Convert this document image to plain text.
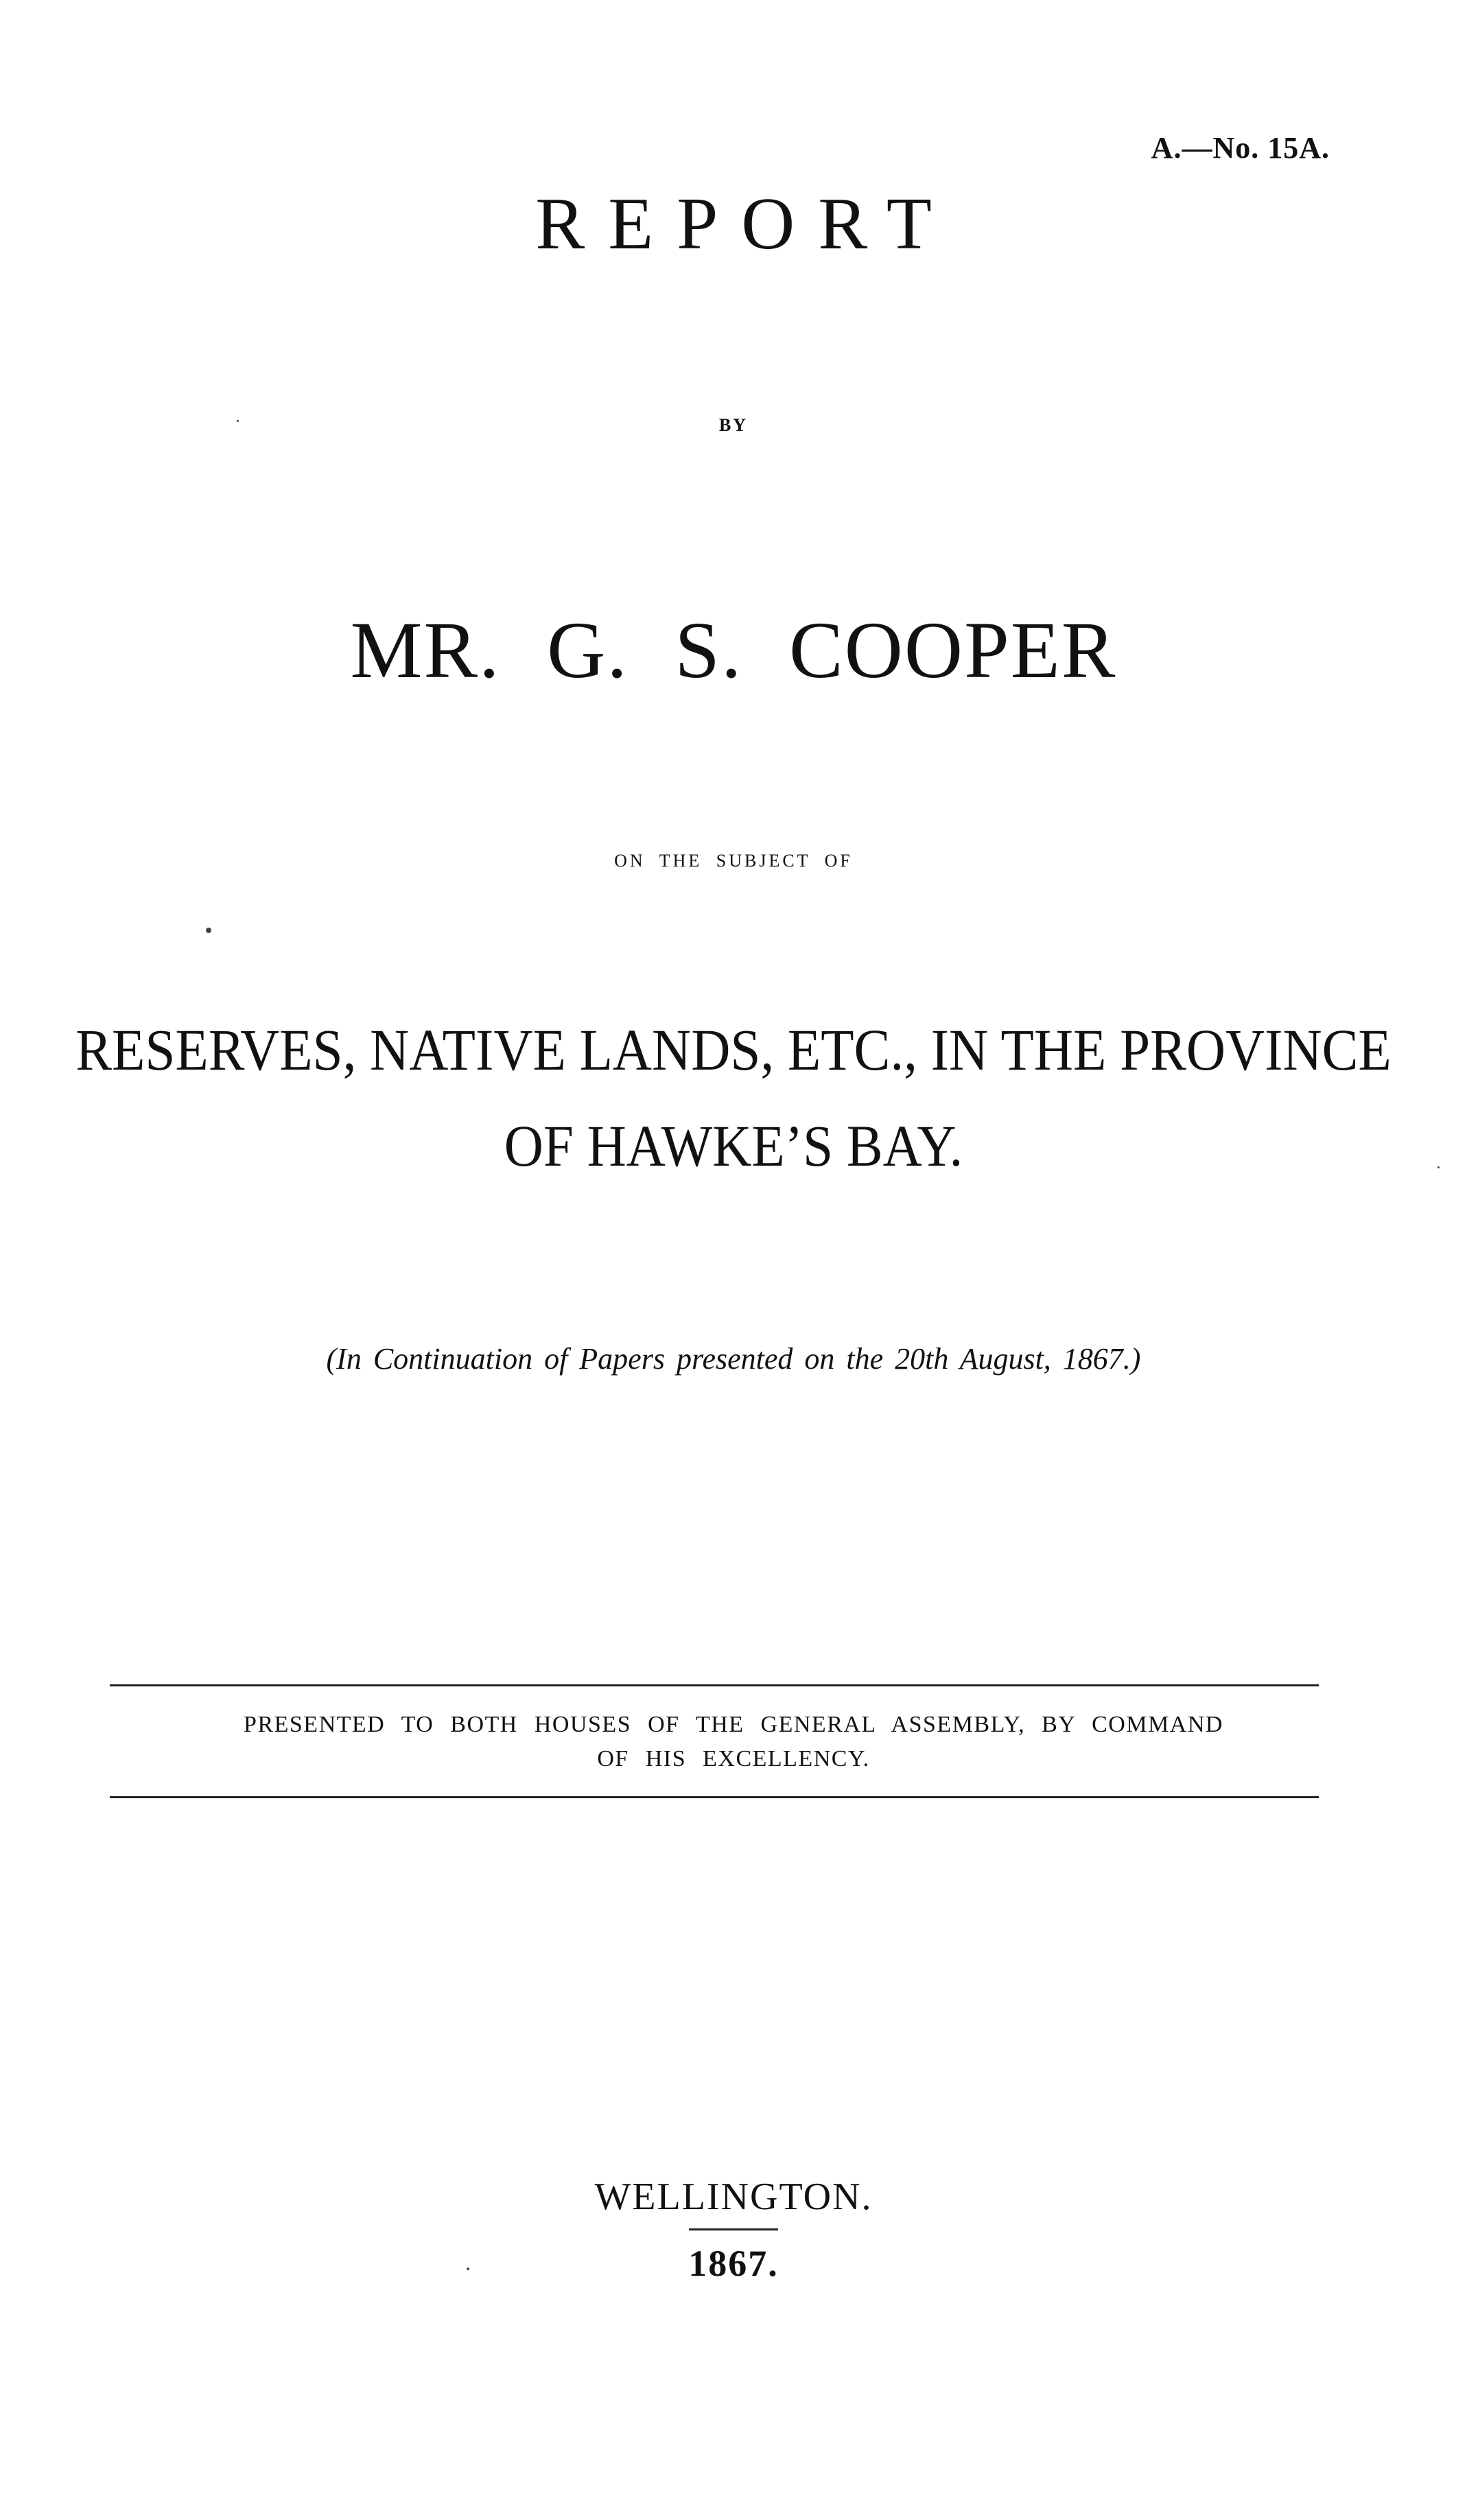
A.—No. 15A.
REPORT
BY
MR. G. S. COOPER
ON THE SUBJECT OF
RESERVES, NATIVE LANDS, ETC., IN THE PROVINCE
OF HAWKE’S BAY.
(In Continuation of Papers presented on the 20th August, 1867.)
PRESENTED TO BOTH HOUSES OF THE GENERAL ASSEMBLY, BY COMMAND
OF HIS EXCELLENCY.
WELLINGTON.
1867.
